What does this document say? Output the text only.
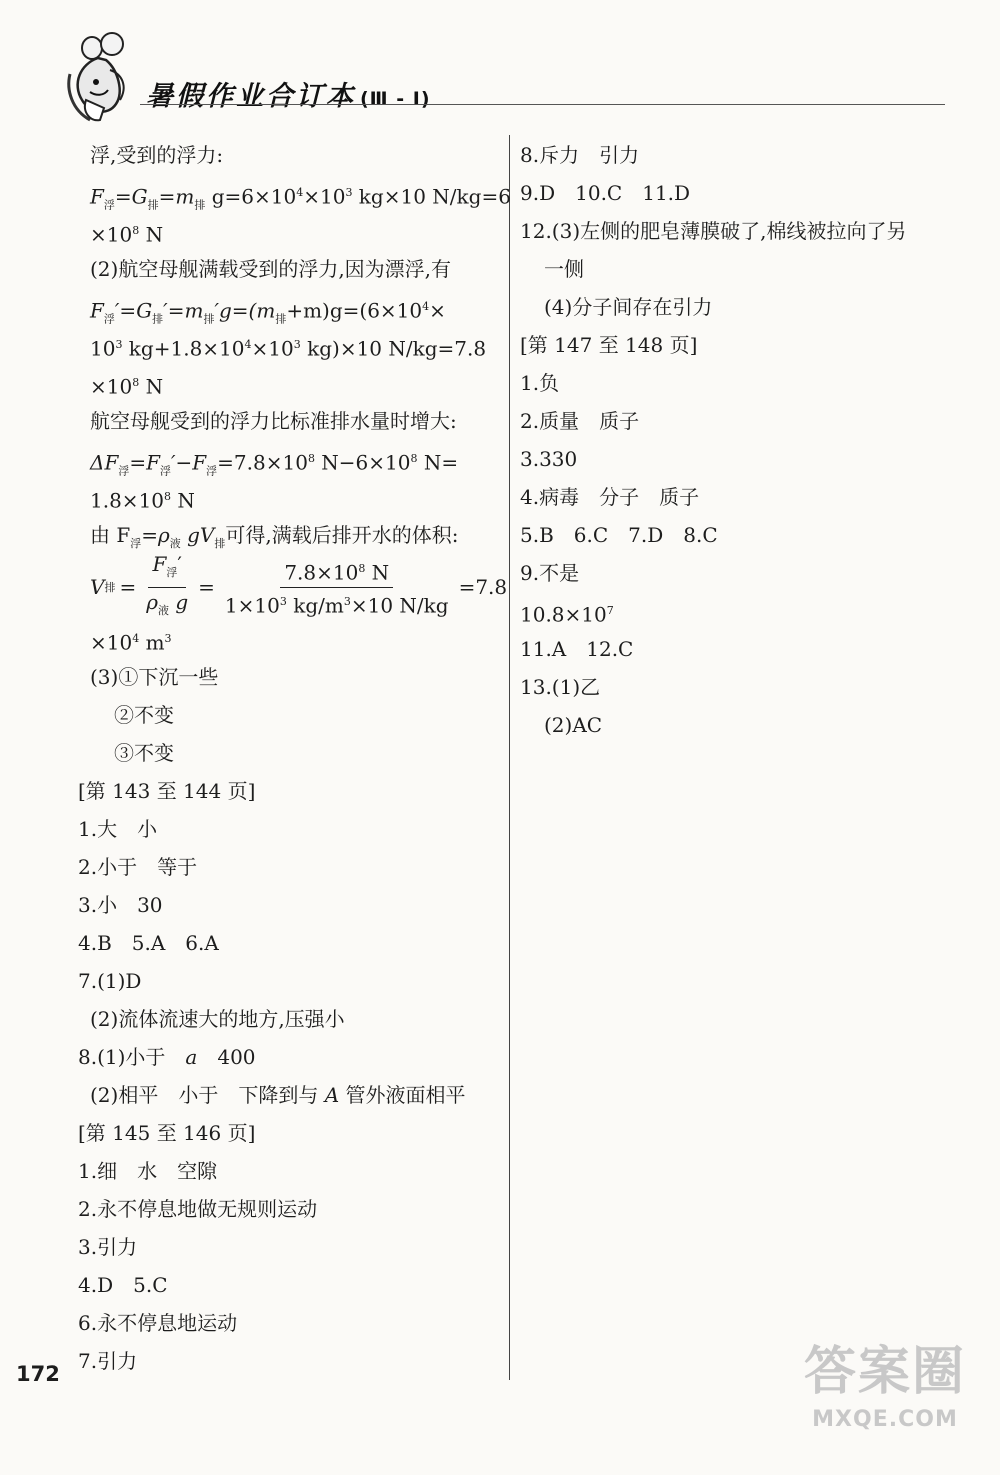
暑假作业合订本 (Ⅲ - Ⅰ)
浮,受到的浮力:
$F_浮=G_排=m_排$ $g=6\times 10^4\times 10^3$ kg×10 N/kg=6
$\times 10^8$ N
(2)航空母舰满载受到的浮力,因为漂浮,有
$F_浮'=G_排'=m_排'g=(m_排+m)g=(6\times 10^4\times$
$10^3$ $kg+1.8\times 10^4\times 10^3$ kg)×10 N/kg=7.8
$\times 10^8$ N
航空母舰受到的浮力比标准排水量时增大:
$\Delta F_浮=F_浮'-F_浮=7.8\times 10^8$ $N-6\times 10^8$ N=
$1.8\times 10^8$ N
由 $F_浮=\rho_液$ $gV_排$可得,满载后排开水的体积:
V 排 = $\frac{F_浮'}{\rho_液 g} = \frac{7.8\times 10^8 N}{1\times 10^3 kg/m^3\times 10 N/kg} =7.8$
$\times 10^4$ $m^3$
(3)①下沉一些
②不变
③不变
[第 143 至 144 页]
1.大　小
2.小于　等于
3.小　30
4.B　5.A　6.A
7.(1)D
(2)流体流速大的地方,压强小
8.(1)小于　a　400
(2)相平　小于　下降到与 A 管外液面相平
[第 145 至 146 页]
1.细　水　空隙
2.永不停息地做无规则运动
3.引力
4.D　5.C
6.永不停息地运动
7.引力
8.斥力　引力
9.D　10.C　11.D
12.(3)左侧的肥皂薄膜破了,棉线被拉向了另
一侧
(4)分子间存在引力
[第 147 至 148 页]
1.负
2.质量　质子
3.330
4.病毒　分子　质子
5.B　6.C　7.D　8.C
9.不是
$10.8\times 10^7$
11.A　12.C
13.(1)乙
(2)AC
172	答案圈
MXQE.COM
